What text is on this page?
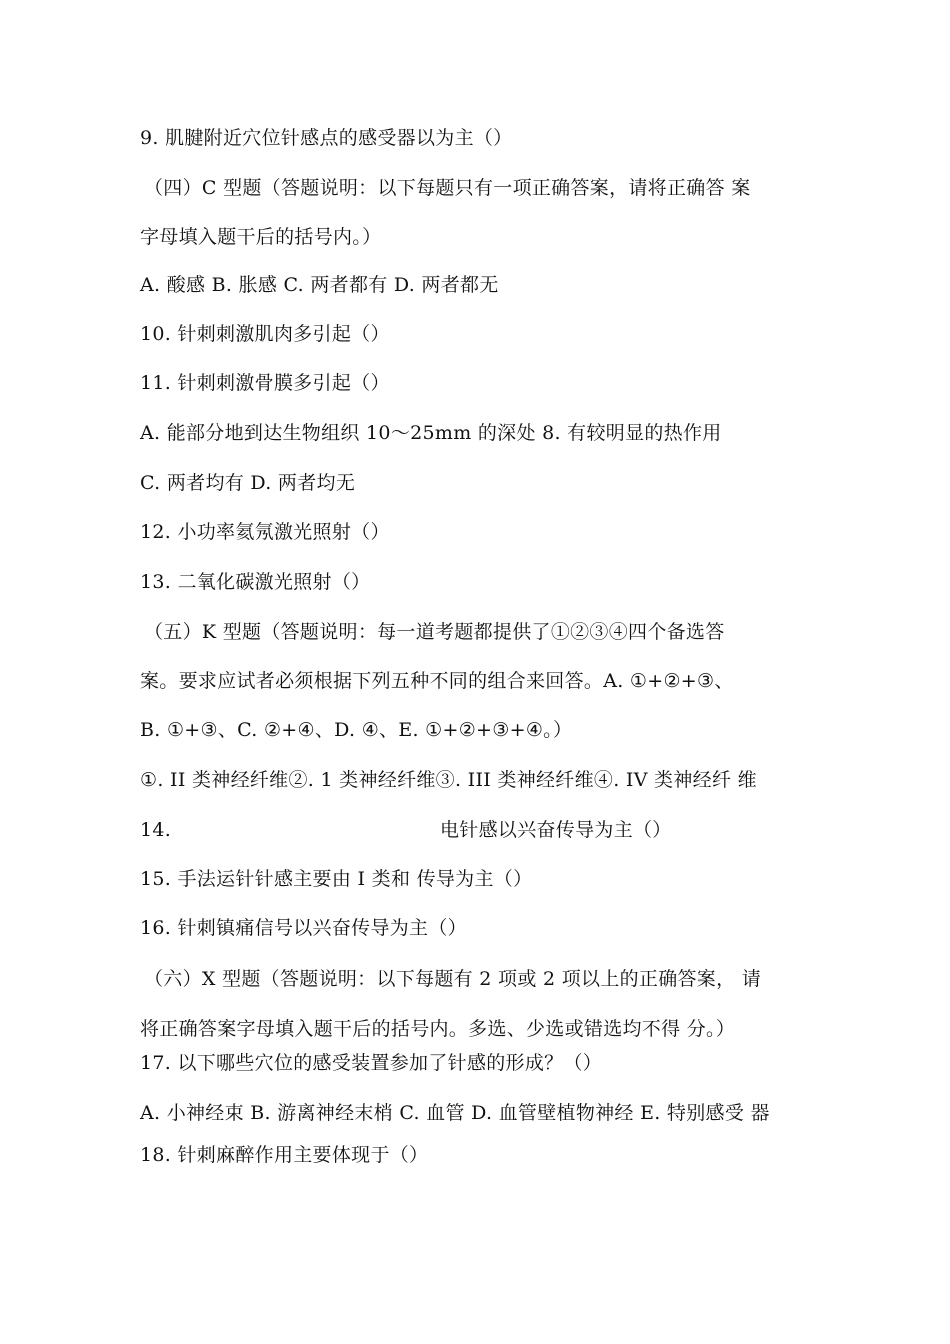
9. 肌腱附近穴位针感点的感受器以为主（）
（四）C 型题（答题说明：以下每题只有一项正确答案，请将正确答 案
字母填入题干后的括号内。）
A. 酸感 B. 胀感 C. 两者都有 D. 两者都无
10. 针刺刺激肌肉多引起（）
11. 针刺刺激骨膜多引起（）
A. 能部分地到达生物组织 10〜25mm 的深处 8. 有较明显的热作用
C. 两者均有 D. 两者均无
12. 小功率氦氖激光照射（）
13. 二氧化碳激光照射（）
（五）K 型题（答题说明：每一道考题都提供了①②③④四个备选答
案。要求应试者必须根据下列五种不同的组合来回答。A. ①+②+③、
B. ①+③、C. ②+④、D. ④、E. ①+②+③+④。）
①. II 类神经纤维②. 1 类神经纤维③. III 类神经纤维④. IV 类神经纤 维
14.	电针感以兴奋传导为主（）
15. 手法运针针感主要由 I 类和 传导为主（）
16. 针刺镇痛信号以兴奋传导为主（）
（六）X 型题（答题说明：以下每题有 2 项或 2 项以上的正确答案， 请
将正确答案字母填入题干后的括号内。多选、少选或错选均不得 分。）
17. 以下哪些穴位的感受装置参加了针感的形成？（）
A. 小神经束 B. 游离神经末梢 C. 血管 D. 血管壁植物神经 E. 特别感受 器
18. 针刺麻醉作用主要体现于（）
